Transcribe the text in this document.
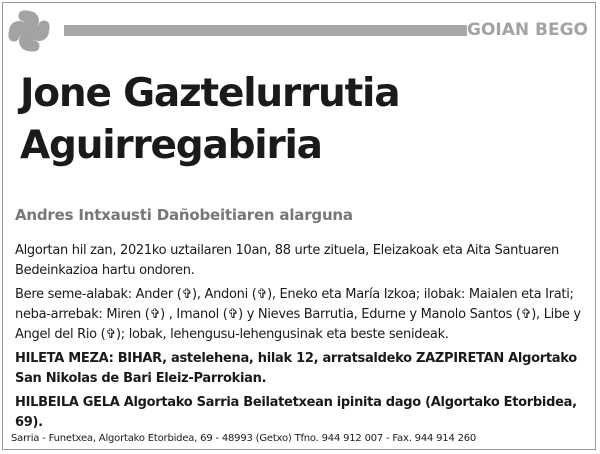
GOIAN BEGO
Jone Gaztelurrutia
Aguirregabiria
Andres Intxausti Dañobeitiaren alarguna

Algortan hil zan, 2021ko uztailaren 10an, 88 urte zituela, Eleizakoak eta Aita Santuaren Bedeinkazioa hartu ondoren.

Bere seme-alabak: Ander (✞), Andoni (✞), Eneko eta María Izkoa; ilobak: Maialen eta Irati; neba-arrebak: Miren (✞) , Imanol (✞) y Nieves Barrutia, Edurne y Manolo Santos (✞), Libe y Angel del Rio (✞); lobak, lehengusu-lehengusinak eta beste senideak.

HILETA MEZA: BIHAR, astelehena, hilak 12, arratsaldeko ZAZPIRETAN Algortako San Nikolas de Bari Eleiz-Parrokian.

HILBEILA GELA Algortako Sarria Beilatetxean ipinita dago (Algortako Etorbidea, 69).

Sarria - Funetxea, Algortako Etorbidea, 69 - 48993 (Getxo) Tfno. 944 912 007 - Fax. 944 914 260
